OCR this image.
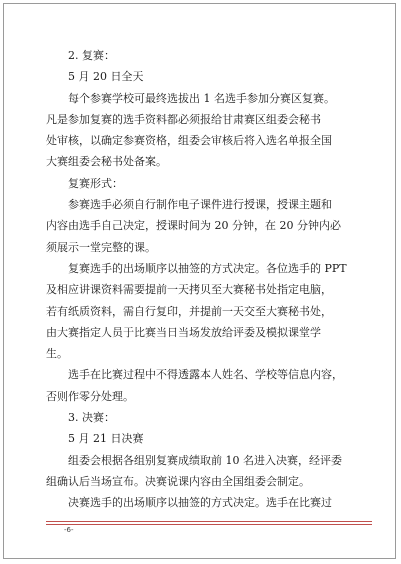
2. 复赛：
5 月 20 日全天
每个参赛学校可最终选拔出 1 名选手参加分赛区复赛。
凡是参加复赛的选手资料都必须报给甘肃赛区组委会秘书
处审核，以确定参赛资格，组委会审核后将入选名单报全国
大赛组委会秘书处备案。
复赛形式：
参赛选手必须自行制作电子课件进行授课，授课主题和
内容由选手自己决定，授课时间为 20 分钟，在 20 分钟内必
须展示一堂完整的课。
复赛选手的出场顺序以抽签的方式决定。各位选手的 PPT
及相应讲课资料需要提前一天拷贝至大赛秘书处指定电脑，
若有纸质资料，需自行复印，并提前一天交至大赛秘书处，
由大赛指定人员于比赛当日当场发放给评委及模拟课堂学
生。
选手在比赛过程中不得透露本人姓名、学校等信息内容，
否则作零分处理。
3. 决赛：
5 月 21 日决赛
组委会根据各组别复赛成绩取前 10 名进入决赛，经评委
组确认后当场宣布。决赛说课内容由全国组委会制定。
决赛选手的出场顺序以抽签的方式决定。选手在比赛过
-6-
